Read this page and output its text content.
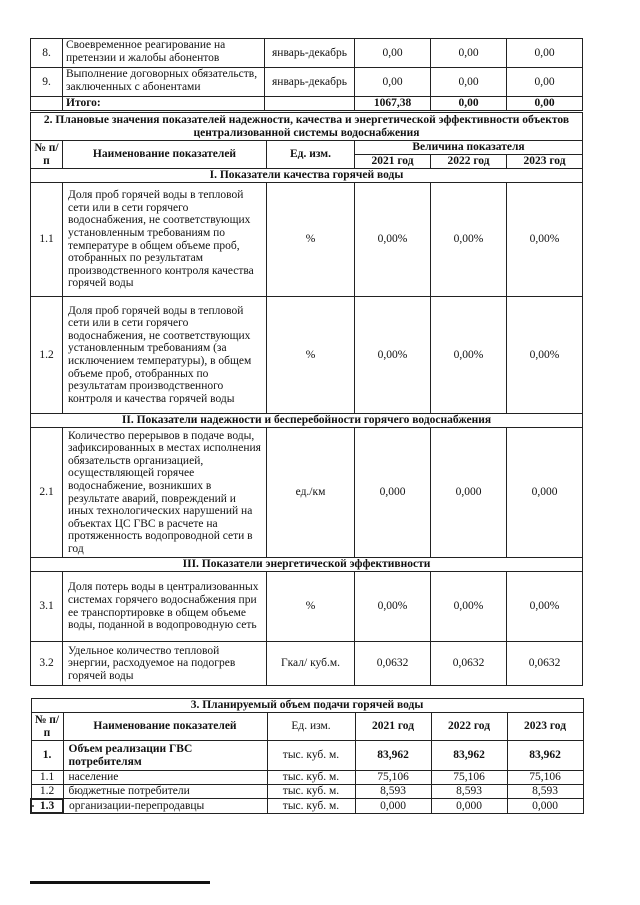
8.	Своевременное реагирование на претензии и жалобы абонентов	январь-декабрь	0,00	0,00	0,00
9.	Выполнение договорных обязательств, заключенных с абонентами	январь-декабрь	0,00	0,00	0,00
	Итого:		1067,38	0,00	0,00
2. Плановые значения показателей надежности, качества и энергетической эффективности объектов централизованной системы водоснабжения					
№ п/п	Наименование показателей	Ед. изм.	Величина показателя		
			2021 год	2022 год	2023 год
I. Показатели качества горячей воды					
1.1	Доля проб горячей воды в тепловой сети или в сети горячего водоснабжения, не соответствующих установленным требованиям по температуре в общем объеме проб, отобранных по результатам производственного контроля качества горячей воды	%	0,00%	0,00%	0,00%
1.2	Доля проб горячей воды в тепловой сети или в сети горячего водоснабжения, не соответствующих установленным требованиям (за исключением температуры), в общем объеме проб, отобранных по результатам производственного контроля и качества горячей воды	%	0,00%	0,00%	0,00%
II. Показатели надежности и бесперебойности горячего водоснабжения					
2.1	Количество перерывов в подаче воды, зафиксированных в местах исполнения обязательств организацией, осуществляющей горячее водоснабжение, возникших в результате аварий, повреждений и иных технологических нарушений на объектах ЦС ГВС в расчете на протяженность водопроводной сети в год	ед./км	0,000	0,000	0,000
III. Показатели энергетической эффективности					
3.1	Доля потерь воды в централизованных системах горячего водоснабжения при ее транспортировке в общем объеме воды, поданной в водопроводную сеть	%	0,00%	0,00%	0,00%
3.2	Удельное количество тепловой энергии, расходуемое на подогрев горячей воды	Гкал/ куб.м.	0,0632	0,0632	0,0632
3. Планируемый объем подачи горячей воды					
№ п/п	Наименование показателей	Ед. изм.	2021 год	2022 год	2023 год
1.	Объем реализации ГВС потребителям	тыс. куб. м.	83,962	83,962	83,962
1.1	население	тыс. куб. м.	75,106	75,106	75,106
1.2	бюджетные потребители	тыс. куб. м.	8,593	8,593	8,593
1.3	организации-перепродавцы	тыс. куб. м.	0,000	0,000	0,000
